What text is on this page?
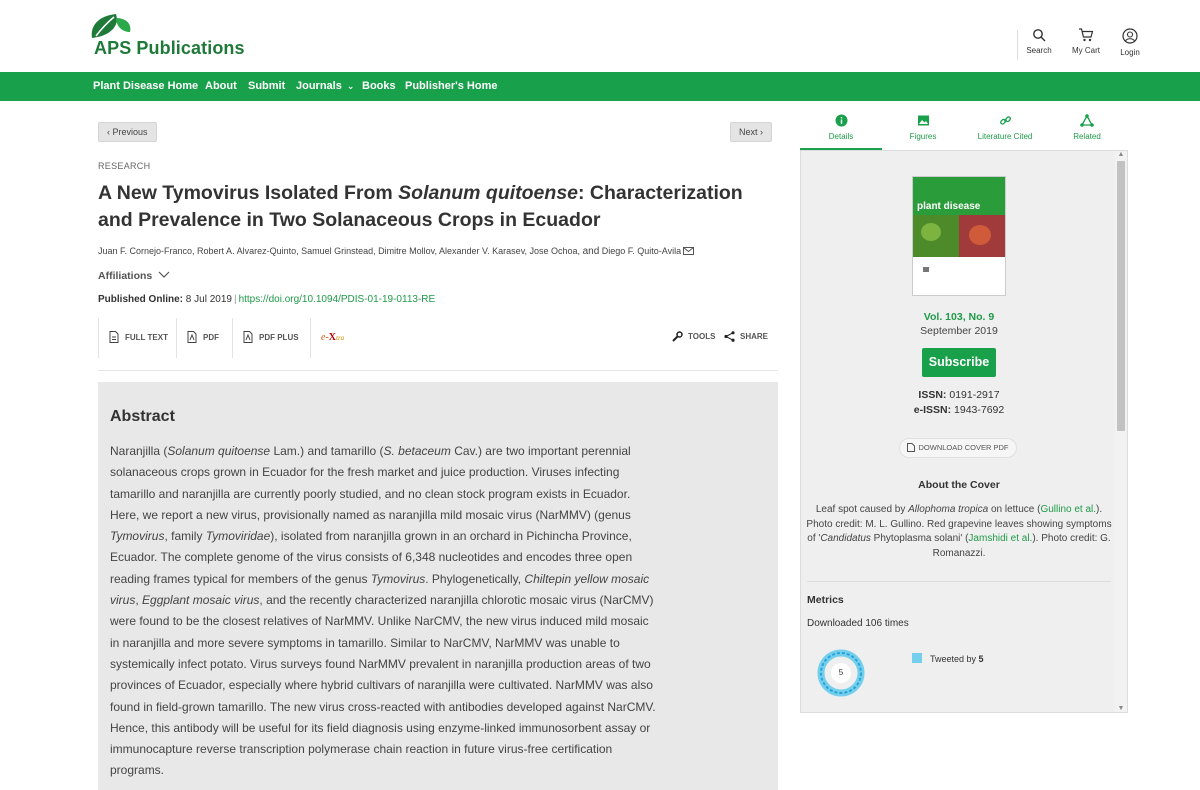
APS Publications	Search	My Cart	Login
Plant Disease Home About Submit Journals ⌄ Books Publisher's Home
‹ Previous	Next ›
RESEARCH
A New Tymovirus Isolated From Solanum quitoense: Characterization and Prevalence in Two Solanaceous Crops in Ecuador
Juan F. Cornejo-Franco, Robert A. Alvarez-Quinto, Samuel Grinstead, Dimitre Mollov, Alexander V. Karasev, Jose Ochoa, and Diego F. Quito-Avila
Affiliations
Published Online: 8 Jul 2019 | https://doi.org/10.1094/PDIS-01-19-0113-RE
FULL TEXT	PDF	PDF PLUS	e-Xtra	TOOLS	SHARE
Abstract

Naranjilla (Solanum quitoense Lam.) and tamarillo (S. betaceum Cav.) are two important perennial solanaceous crops grown in Ecuador for the fresh market and juice production. Viruses infecting tamarillo and naranjilla are currently poorly studied, and no clean stock program exists in Ecuador. Here, we report a new virus, provisionally named as naranjilla mild mosaic virus (NarMMV) (genus Tymovirus, family Tymoviridae), isolated from naranjilla grown in an orchard in Pichincha Province, Ecuador. The complete genome of the virus consists of 6,348 nucleotides and encodes three open reading frames typical for members of the genus Tymovirus. Phylogenetically, Chiltepin yellow mosaic virus, Eggplant mosaic virus, and the recently characterized naranjilla chlorotic mosaic virus (NarCMV) were found to be the closest relatives of NarMMV. Unlike NarCMV, the new virus induced mild mosaic in naranjilla and more severe symptoms in tamarillo. Similar to NarCMV, NarMMV was unable to systemically infect potato. Virus surveys found NarMMV prevalent in naranjilla production areas of two provinces of Ecuador, especially where hybrid cultivars of naranjilla were cultivated. NarMMV was also found in field-grown tamarillo. The new virus cross-reacted with antibodies developed against NarCMV. Hence, this antibody will be useful for its field diagnosis using enzyme-linked immunosorbent assay or immunocapture reverse transcription polymerase chain reaction in future virus-free certification programs.

Details	Figures	Literature Cited	Related
plant disease
Vol. 103, No. 9
September 2019
Subscribe
ISSN: 0191-2917
e-ISSN: 1943-7692
DOWNLOAD COVER PDF
About the Cover
Leaf spot caused by Allophoma tropica on lettuce (Gullino et al.). Photo credit: M. L. Gullino. Red grapevine leaves showing symptoms of 'Candidatus Phytoplasma solani' (Jamshidi et al.). Photo credit: G. Romanazzi.
Metrics
Downloaded 106 times
5
Tweeted by 5
▲
▼
